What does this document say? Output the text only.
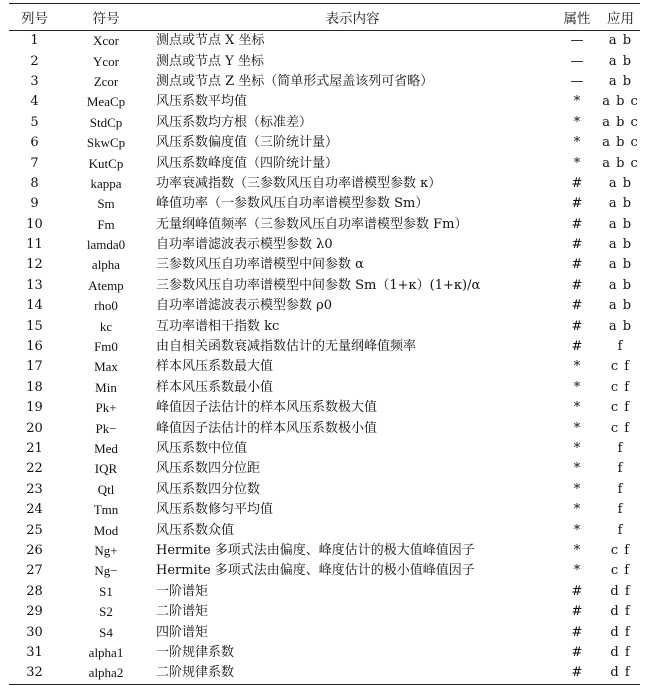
列号	符号	表示内容	属性	应用
1	Xcor	测点或节点 X 坐标	—	a b
2	Ycor	测点或节点 Y 坐标	—	a b
3	Zcor	测点或节点 Z 坐标（简单形式屋盖该列可省略）	—	a b
4	MeaCp	风压系数平均值	*	a b c
5	StdCp	风压系数均方根（标准差）	*	a b c
6	SkwCp	风压系数偏度值（三阶统计量）	*	a b c
7	KutCp	风压系数峰度值（四阶统计量）	*	a b c
8	kappa	功率衰减指数（三参数风压自功率谱模型参数 κ）	#	a b
9	Sm	峰值功率（一参数风压自功率谱模型参数 Sm）	#	a b
10	Fm	无量纲峰值频率（三参数风压自功率谱模型参数 Fm）	#	a b
11	lamda0	自功率谱滤波表示模型参数 λ0	#	a b
12	alpha	三参数风压自功率谱模型中间参数 α	#	a b
13	Atemp	三参数风压自功率谱模型中间参数 Sm（1+κ）(1+κ)/α	#	a b
14	rho0	自功率谱滤波表示模型参数 ρ0	#	a b
15	kc	互功率谱相干指数 kc	#	a b
16	Fm0	由自相关函数衰减指数估计的无量纲峰值频率	#	f
17	Max	样本风压系数最大值	*	c f
18	Min	样本风压系数最小值	*	c f
19	Pk+	峰值因子法估计的样本风压系数极大值	*	c f
20	Pk−	峰值因子法估计的样本风压系数极小值	*	c f
21	Med	风压系数中位值	*	f
22	IQR	风压系数四分位距	*	f
23	Qtl	风压系数四分位数	*	f
24	Tmn	风压系数修匀平均值	*	f
25	Mod	风压系数众值	*	f
26	Ng+	Hermite 多项式法由偏度、峰度估计的极大值峰值因子	*	c f
27	Ng−	Hermite 多项式法由偏度、峰度估计的极小值峰值因子	*	c f
28	S1	一阶谱矩	#	d f
29	S2	二阶谱矩	#	d f
30	S4	四阶谱矩	#	d f
31	alpha1	一阶规律系数	#	d f
32	alpha2	二阶规律系数	#	d f
